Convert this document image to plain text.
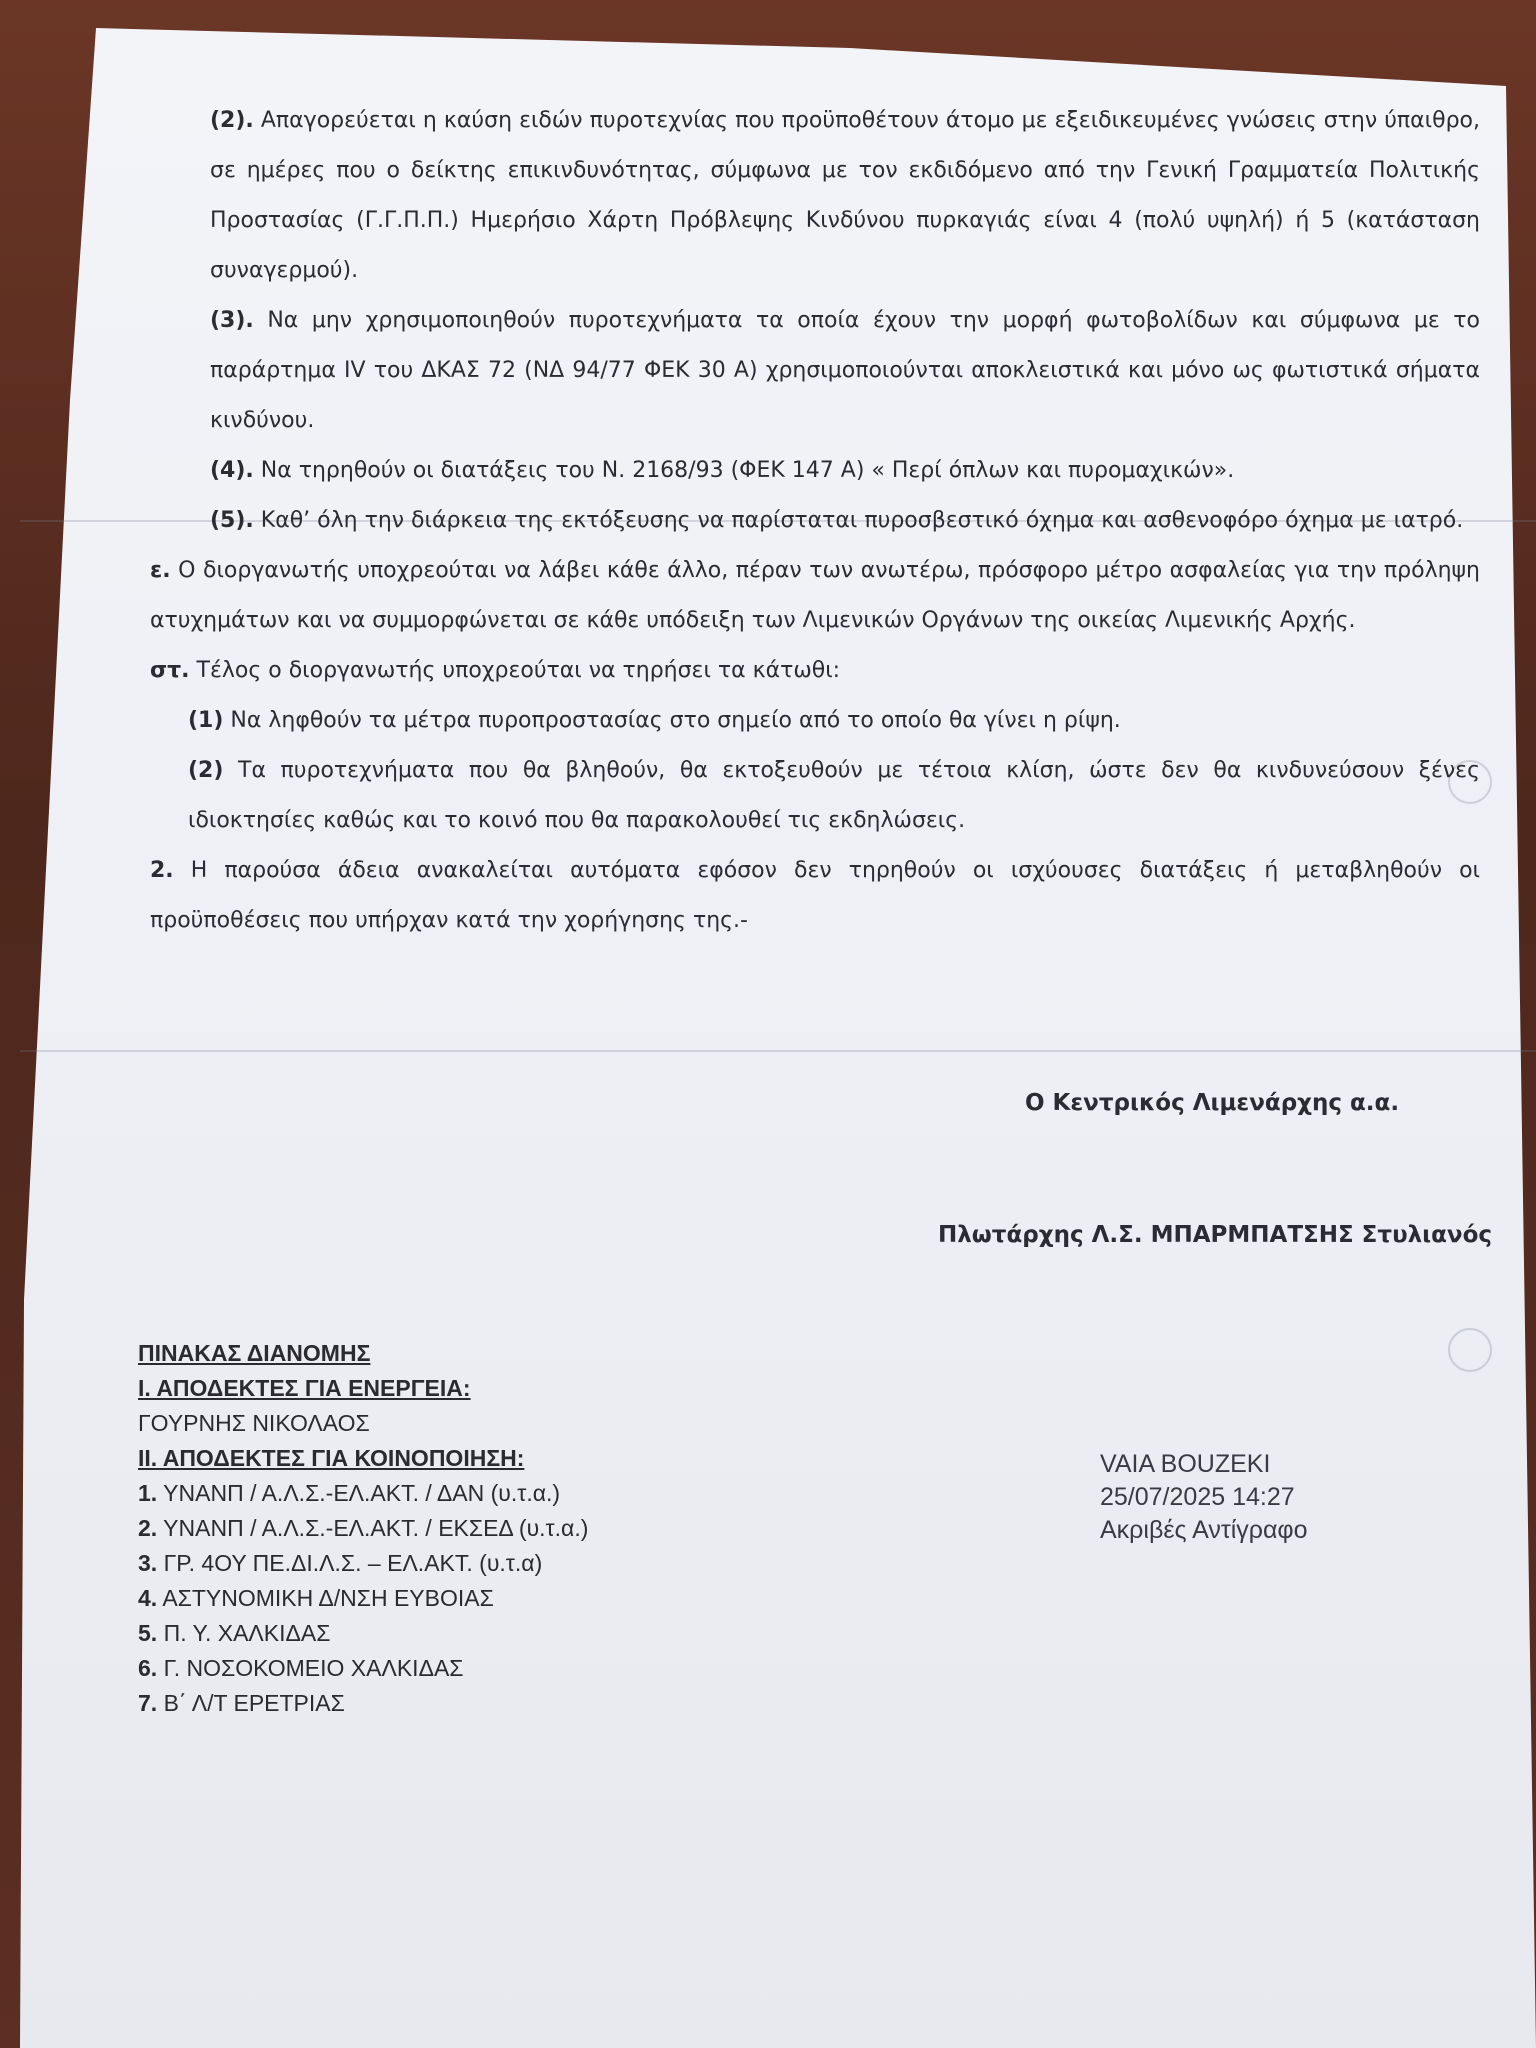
(2). Απαγορεύεται η καύση ειδών πυροτεχνίας που προϋποθέτουν άτομο με εξειδικευμένες γνώσεις στην ύπαιθρο, σε ημέρες που ο δείκτης επικινδυνότητας, σύμφωνα με τον εκδιδόμενο από την Γενική Γραμματεία Πολιτικής Προστασίας (Γ.Γ.Π.Π.) Ημερήσιο Χάρτη Πρόβλεψης Κινδύνου πυρκαγιάς είναι 4 (πολύ υψηλή) ή 5 (κατάσταση συναγερμού).

(3). Να μην χρησιμοποιηθούν πυροτεχνήματα τα οποία έχουν την μορφή φωτοβολίδων και σύμφωνα με το παράρτημα IV του ΔΚΑΣ 72 (ΝΔ 94/77 ΦΕΚ 30 Α) χρησιμοποιούνται αποκλειστικά και μόνο ως φωτιστικά σήματα κινδύνου.

(4). Να τηρηθούν οι διατάξεις του Ν. 2168/93 (ΦΕΚ 147 Α) « Περί όπλων και πυρομαχικών».

(5). Καθ’ όλη την διάρκεια της εκτόξευσης να παρίσταται πυροσβεστικό όχημα και ασθενοφόρο όχημα με ιατρό.

ε. Ο διοργανωτής υποχρεούται να λάβει κάθε άλλο, πέραν των ανωτέρω, πρόσφορο μέτρο ασφαλείας για την πρόληψη ατυχημάτων και να συμμορφώνεται σε κάθε υπόδειξη των Λιμενικών Οργάνων της οικείας Λιμενικής Αρχής.

στ. Τέλος ο διοργανωτής υποχρεούται να τηρήσει τα κάτωθι:

(1) Να ληφθούν τα μέτρα πυροπροστασίας στο σημείο από το οποίο θα γίνει η ρίψη.

(2) Τα πυροτεχνήματα που θα βληθούν, θα εκτοξευθούν με τέτοια κλίση, ώστε δεν θα κινδυνεύσουν ξένες ιδιοκτησίες καθώς και το κοινό που θα παρακολουθεί τις εκδηλώσεις.

2. Η παρούσα άδεια ανακαλείται αυτόματα εφόσον δεν τηρηθούν οι ισχύουσες διατάξεις ή μεταβληθούν οι προϋποθέσεις που υπήρχαν κατά την χορήγησης της.-

Ο Κεντρικός Λιμενάρχης α.α.
Πλωτάρχης Λ.Σ. ΜΠΑΡΜΠΑΤΣΗΣ Στυλιανός
ΠΙΝΑΚΑΣ ΔΙΑΝΟΜΗΣ
Ι. ΑΠΟΔΕΚΤΕΣ ΓΙΑ ΕΝΕΡΓΕΙΑ:
ΓΟΥΡΝΗΣ ΝΙΚΟΛΑΟΣ
ΙΙ. ΑΠΟΔΕΚΤΕΣ ΓΙΑ ΚΟΙΝΟΠΟΙΗΣΗ:
1. ΥΝΑΝΠ / Α.Λ.Σ.-ΕΛ.ΑΚΤ. / ΔΑΝ (υ.τ.α.)
2. ΥΝΑΝΠ / Α.Λ.Σ.-ΕΛ.ΑΚΤ. / ΕΚΣΕΔ (υ.τ.α.)
3. ΓΡ. 4ΟΥ ΠΕ.ΔΙ.Λ.Σ. – ΕΛ.ΑΚΤ. (υ.τ.α)
4. ΑΣΤΥΝΟΜΙΚΗ Δ/ΝΣΗ ΕΥΒΟΙΑΣ
5. Π. Υ. ΧΑΛΚΙΔΑΣ
6. Γ. ΝΟΣΟΚΟΜΕΙΟ ΧΑΛΚΙΔΑΣ
7. Β΄ Λ/Τ ΕΡΕΤΡΙΑΣ
VAIA BOUZEKI
25/07/2025 14:27
Ακριβές Αντίγραφο
